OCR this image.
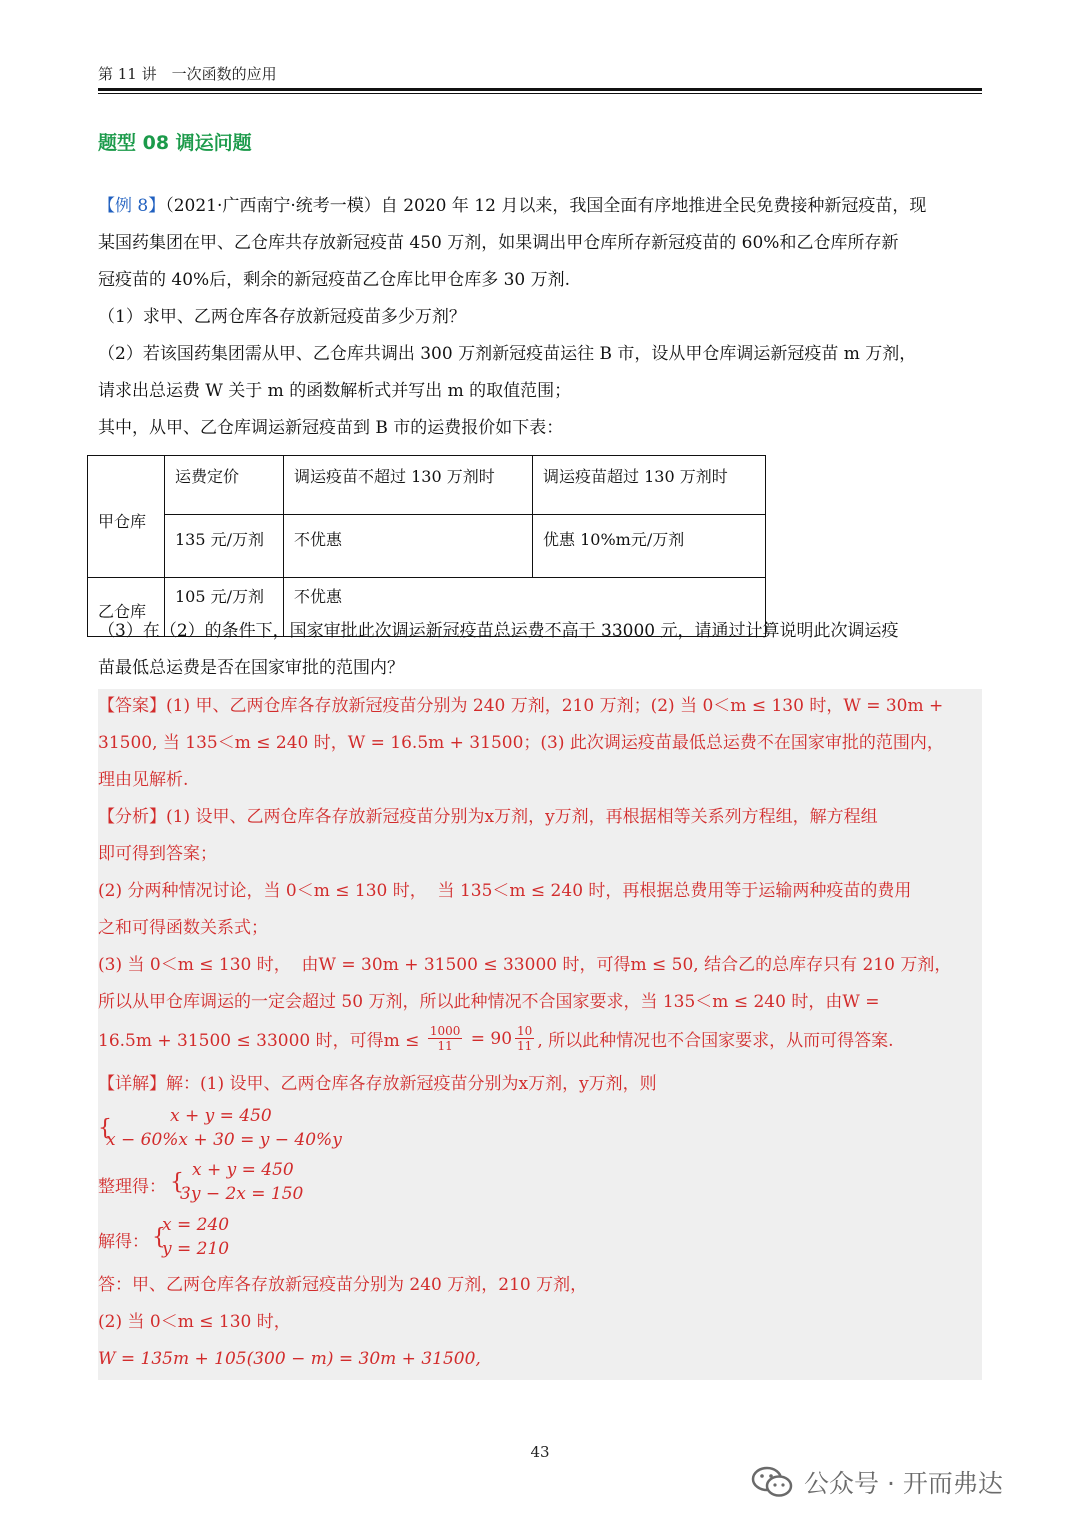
第 11 讲　一次函数的应用
题型 08 调运问题

【例 8】（2021·广西南宁·统考一模）自 2020 年 12 月以来，我国全面有序地推进全民免费接种新冠疫苗，现

某国药集团在甲、乙仓库共存放新冠疫苗 450 万剂，如果调出甲仓库所存新冠疫苗的 60%和乙仓库所存新

冠疫苗的 40%后，剩余的新冠疫苗乙仓库比甲仓库多 30 万剂.

（1）求甲、乙两仓库各存放新冠疫苗多少万剂？

（2）若该国药集团需从甲、乙仓库共调出 300 万剂新冠疫苗运往 B 市，设从甲仓库调运新冠疫苗 m 万剂，

请求出总运费 W 关于 m 的函数解析式并写出 m 的取值范围；

其中，从甲、乙仓库调运新冠疫苗到 B 市的运费报价如下表：

甲仓库	运费定价	调运疫苗不超过 130 万剂时	调运疫苗超过 130 万剂时
	135 元/万剂	不优惠	优惠 10%m元/万剂
乙仓库	105 元/万剂	不优惠	

（3）在（2）的条件下，国家审批此次调运新冠疫苗总运费不高于 33000 元，请通过计算说明此次调运疫

苗最低总运费是否在国家审批的范围内？

【答案】(1) 甲、乙两仓库各存放新冠疫苗分别为 240 万剂，210 万剂；(2) 当 0＜m ≤ 130 时，W = 30m +

31500, 当 135＜m ≤ 240 时，W = 16.5m + 31500；(3) 此次调运疫苗最低总运费不在国家审批的范围内，

理由见解析.

【分析】(1) 设甲、乙两仓库各存放新冠疫苗分别为x万剂，y万剂，再根据相等关系列方程组，解方程组

即可得到答案；

(2) 分两种情况讨论，当 0＜m ≤ 130 时，  当 135＜m ≤ 240 时，再根据总费用等于运输两种疫苗的费用

之和可得函数关系式；

(3) 当 0＜m ≤ 130 时，  由W = 30m + 31500 ≤ 33000 时，可得m ≤ 50, 结合乙的总库存只有 210 万剂，

所以从甲仓库调运的一定会超过 50 万剂，所以此种情况不合国家要求，当 135＜m ≤ 240 时，由W =

16.5m + 31500 ≤ 33000 时，可得$m \le \frac{1000}{11} = 90$ 10
11 , 所以此种情况也不合国家要求，从而可得答案.

【详解】解：(1) 设甲、乙两仓库各存放新冠疫苗分别为x万剂，y万剂，则

{	x + y = 450
x − 60%x + 30 = y − 40%y
整理得： { x + y = 450
3y − 2x = 150
解得： {
x = 240
y = 210

答：甲、乙两仓库各存放新冠疫苗分别为 240 万剂，210 万剂，

(2) 当 0＜m ≤ 130 时，

W = 135m + 105(300 − m) = 30m + 31500,

43
公众号 · 开而弗达
